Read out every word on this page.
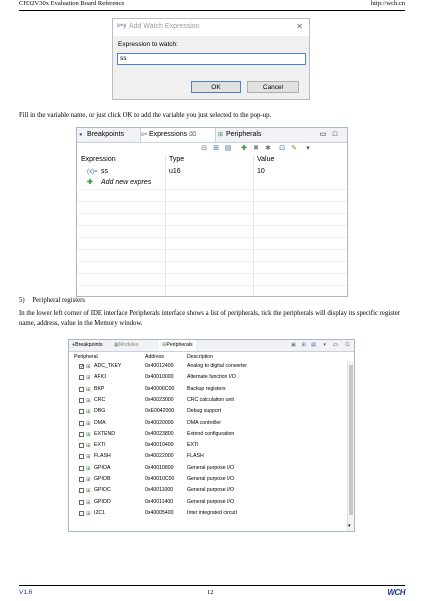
CH32V30x Evaluation Board Reference	http://wch.cn
x=y Add Watch Expression	✕
Expression to watch:
ss
OK	Cancel
Fill in the variable name, or just click OK to add the variable you just selected to the pop-up.
● Breakpoints	x=Expressions ⌧	⊞ Peripherals	▭ □
⊟ ⊞ ▤ ✚ ✖ ✱ ⊡ ✎	▾
Expression	Type	Value
(x)= ss	u16	10
✚ Add new expres
5) Peripheral registers
In the lower left corner of IDE interface Peripherals interface shows a list of peripherals, tick the peripherals will display its specific register name, address, value in the Memory window.
●Breakpoints ▦Modules	⊞Peripherals	▣ ⊞ ▤ ▾ ▭ □
Peripheral	Address	Description
✓ ⊞ ADC_TKEY	0x40012400	Analog to digital converter
⊞ AFIO	0x40010000	Alternate function I/O
⊞ BKP	0x40006C00 Backup registers
⊞ CRC	0x40023000	CRC calculation unit
⊞ DBG	0xE0042000 Debug support
⊞ DMA	0x40020000	DMA controller
⊞ EXTEND	0x40023800	Extend configuration
⊞ EXTI	0x40010400	EXTI
⊞ FLASH	0x40022000	FLASH
⊞ GPIOA	0x40010800	General purpose I/O
⊞ GPIOB	0x40010C00 General purpose I/O
⊞ GPIOC	0x40011000	General purpose I/O
⊞ GPIOD	0x40011400	General purpose I/O
⊞ I2C1	0x40005400	Inter integrated circuit
▾
V1.6	12	WCH
